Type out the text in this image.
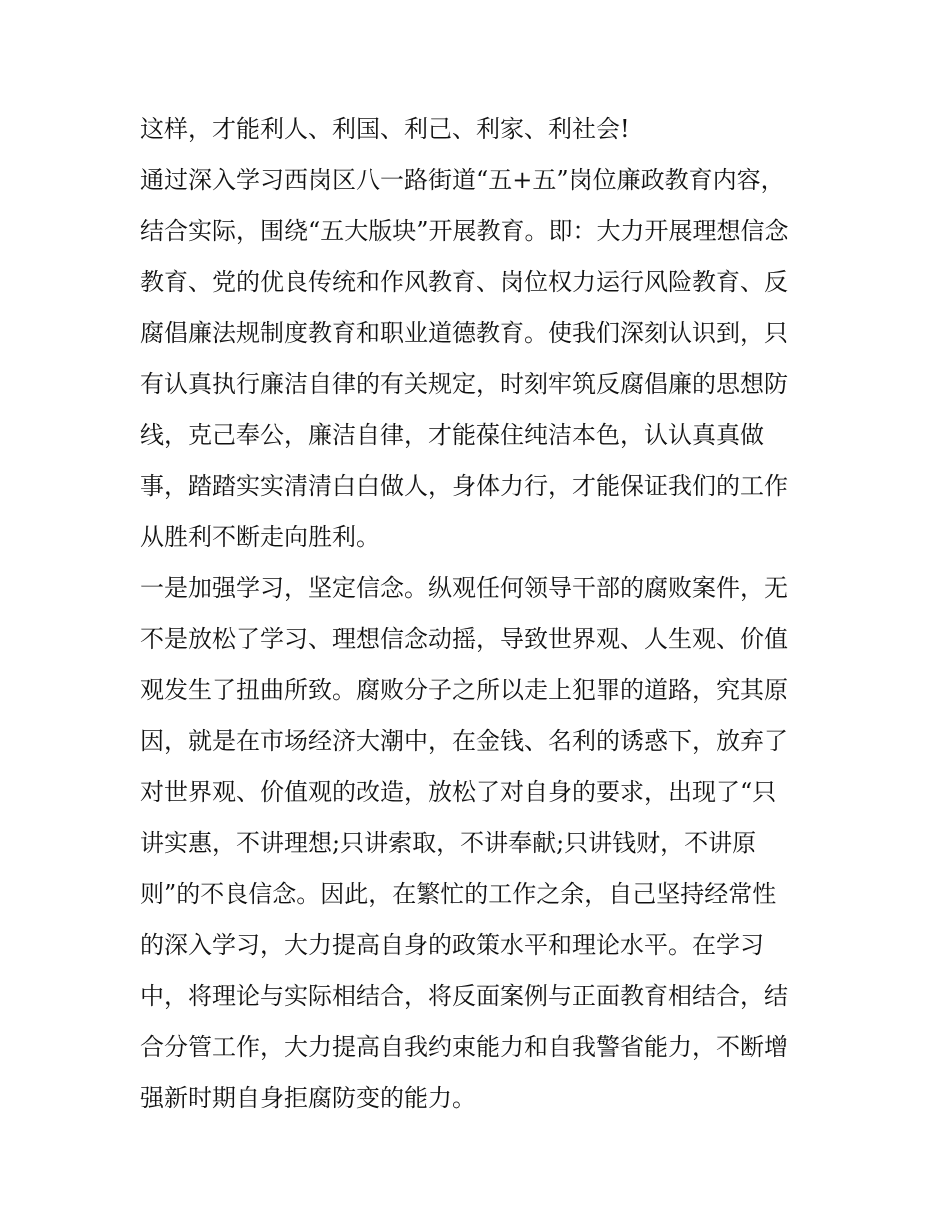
这样，才能利人、利国、利己、利家、利社会!
通过深入学习西岗区八一路街道“五+五”岗位廉政教育内容，
结合实际，围绕“五大版块”开展教育。即：大力开展理想信念
教育、党的优良传统和作风教育、岗位权力运行风险教育、反
腐倡廉法规制度教育和职业道德教育。使我们深刻认识到，只
有认真执行廉洁自律的有关规定，时刻牢筑反腐倡廉的思想防
线，克己奉公，廉洁自律，才能葆住纯洁本色，认认真真做
事，踏踏实实清清白白做人，身体力行，才能保证我们的工作
从胜利不断走向胜利。
一是加强学习，坚定信念。纵观任何领导干部的腐败案件，无
不是放松了学习、理想信念动摇，导致世界观、人生观、价值
观发生了扭曲所致。腐败分子之所以走上犯罪的道路，究其原
因，就是在市场经济大潮中，在金钱、名利的诱惑下，放弃了
对世界观、价值观的改造，放松了对自身的要求，出现了“只
讲实惠，不讲理想;只讲索取，不讲奉献;只讲钱财，不讲原
则”的不良信念。因此，在繁忙的工作之余，自己坚持经常性
的深入学习，大力提高自身的政策水平和理论水平。在学习
中，将理论与实际相结合，将反面案例与正面教育相结合，结
合分管工作，大力提高自我约束能力和自我警省能力，不断增
强新时期自身拒腐防变的能力。
